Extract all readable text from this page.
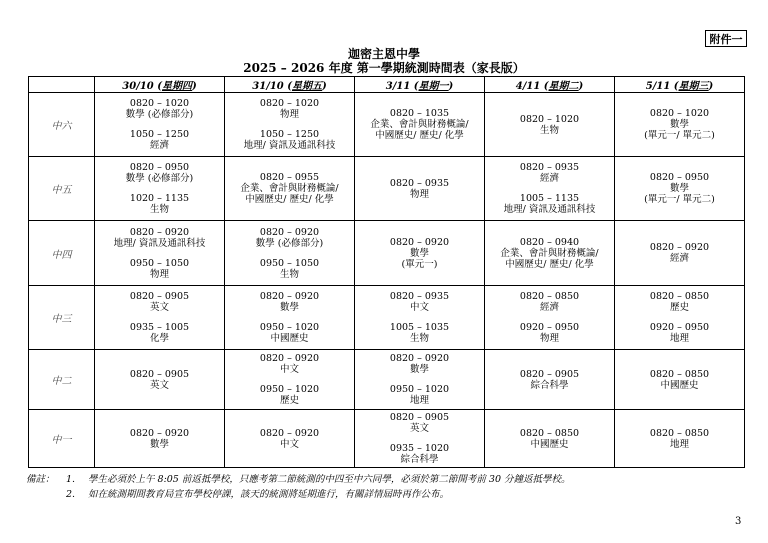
附件一
迦密主恩中學
2025 – 2026 年度 第一學期統測時間表（家長版）
	30/10 (星期四)	31/10 (星期五)	3/11 (星期一)	4/11 (星期二)	5/11 (星期三)
中六	0820 – 1020
數學 (必修部分)
1050 – 1250
經濟	0820 – 1020
物理
1050 – 1250
地理/ 資訊及通訊科技	0820 – 1035
企業、會計與財務概論/
中國歷史/ 歷史/ 化學	0820 – 1020
生物	0820 – 1020
數學
(單元一/ 單元二)

中五	0820 – 0950
數學 (必修部分)
1020 – 1135
生物	0820 – 0955
企業、會計與財務概論/
中國歷史/ 歷史/ 化學	0820 – 0935
物理	0820 – 0935
經濟
1005 – 1135
地理/ 資訊及通訊科技	0820 – 0950
數學
(單元一/ 單元二)

中四	0820 – 0920
地理/ 資訊及通訊科技
0950 – 1050
物理	0820 – 0920
數學 (必修部分)
0950 – 1050
生物	0820 – 0920
數學
(單元一)	0820 – 0940
企業、會計與財務概論/
中國歷史/ 歷史/ 化學	0820 – 0920
經濟

中三	0820 – 0905
英文
0935 – 1005
化學	0820 – 0920
數學
0950 – 1020
中國歷史	0820 – 0935
中文
1005 – 1035
生物	0820 – 0850
經濟
0920 – 0950
物理	0820 – 0850
歷史
0920 – 0950
地理

中二	0820 – 0905
英文	0820 – 0920
中文
0950 – 1020
歷史	0820 – 0920
數學
0950 – 1020
地理	0820 – 0905
綜合科學	0820 – 0850
中國歷史

中一	0820 – 0920
數學	0820 – 0920
中文	0820 – 0905
英文
0935 – 1020
綜合科學	0820 – 0850
中國歷史	0820 – 0850
地理
備註：	1.	學生必須於上午 8:05 前返抵學校，只應考第二節統測的中四至中六同學，必須於第二節開考前 30 分鐘返抵學校。
2.	如在統測期間教育局宣布學校停課，該天的統測將延期進行，有關詳情屆時再作公布。
3
